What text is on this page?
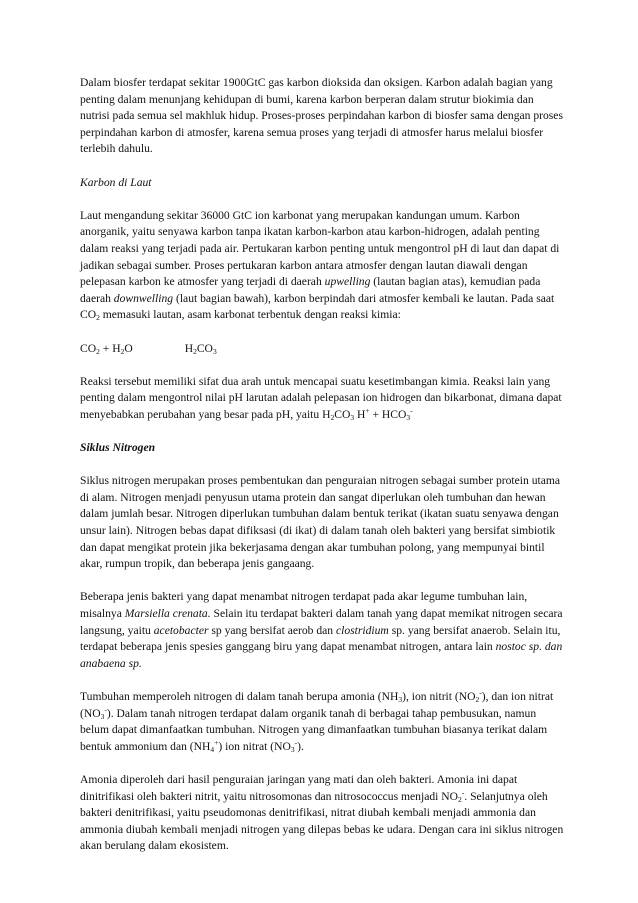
Dalam biosfer terdapat sekitar 1900GtC gas karbon dioksida dan oksigen. Karbon adalah bagian yang penting dalam menunjang kehidupan di bumi, karena karbon berperan dalam strutur biokimia dan nutrisi pada semua sel makhluk hidup. Proses-proses perpindahan karbon di biosfer sama dengan proses perpindahan karbon di atmosfer, karena semua proses yang terjadi di atmosfer harus melalui biosfer terlebih dahulu.

Karbon di Laut

Laut mengandung sekitar 36000 GtC ion karbonat yang merupakan kandungan umum. Karbon anorganik, yaitu senyawa karbon tanpa ikatan karbon-karbon atau karbon-hidrogen, adalah penting dalam reaksi yang terjadi pada air. Pertukaran karbon penting untuk mengontrol pH di laut dan dapat di jadikan sebagai sumber. Proses pertukaran karbon antara atmosfer dengan lautan diawali dengan pelepasan karbon ke atmosfer yang terjadi di daerah upwelling (lautan bagian atas), kemudian pada daerah downwelling (laut bagian bawah), karbon berpindah dari atmosfer kembali ke lautan. Pada saat $CO_2$ memasuki lautan, asam karbonat terbentuk dengan reaksi kimia:

$CO_2 + H_2O$	$H_2CO_3$

Reaksi tersebut memiliki sifat dua arah untuk mencapai suatu kesetimbangan kimia. Reaksi lain yang penting dalam mengontrol nilai pH larutan adalah pelepasan ion hidrogen dan bikarbonat, dimana dapat menyebabkan perubahan yang besar pada pH, yaitu $H_2CO_3$ $H^+ + HCO_3^-$

Siklus Nitrogen

Siklus nitrogen merupakan proses pembentukan dan penguraian nitrogen sebagai sumber protein utama di alam. Nitrogen menjadi penyusun utama protein dan sangat diperlukan oleh tumbuhan dan hewan dalam jumlah besar. Nitrogen diperlukan tumbuhan dalam bentuk terikat (ikatan suatu senyawa dengan unsur lain). Nitrogen bebas dapat difiksasi (di ikat) di dalam tanah oleh bakteri yang bersifat simbiotik dan dapat mengikat protein jika bekerjasama dengan akar tumbuhan polong, yang mempunyai bintil akar, rumpun tropik, dan beberapa jenis gangaang.

Beberapa jenis bakteri yang dapat menambat nitrogen terdapat pada akar legume tumbuhan lain, misalnya Marsiella crenata. Selain itu terdapat bakteri dalam tanah yang dapat memikat nitrogen secara langsung, yaitu acetobacter sp yang bersifat aerob dan clostridium sp. yang bersifat anaerob. Selain itu, terdapat beberapa jenis spesies ganggang biru yang dapat menambat nitrogen, antara lain nostoc sp. dan anabaena sp.

Tumbuhan memperoleh nitrogen di dalam tanah berupa amonia $(NH_3)$, ion nitrit $(NO_2^-)$, dan ion nitrat $(NO_3^-)$. Dalam tanah nitrogen terdapat dalam organik tanah di berbagai tahap pembusukan, namun belum dapat dimanfaatkan tumbuhan. Nitrogen yang dimanfaatkan tumbuhan biasanya terikat dalam bentuk ammonium dan $(NH_4^+)$ ion nitrat $(NO_3^-)$.

Amonia diperoleh dari hasil penguraian jaringan yang mati dan oleh bakteri. Amonia ini dapat dinitrifikasi oleh bakteri nitrit, yaitu nitrosomonas dan nitrosococcus menjadi $NO_2^-$. Selanjutnya oleh bakteri denitrifikasi, yaitu pseudomonas denitrifikasi, nitrat diubah kembali menjadi ammonia dan ammonia diubah kembali menjadi nitrogen yang dilepas bebas ke udara. Dengan cara ini siklus nitrogen akan berulang dalam ekosistem.
